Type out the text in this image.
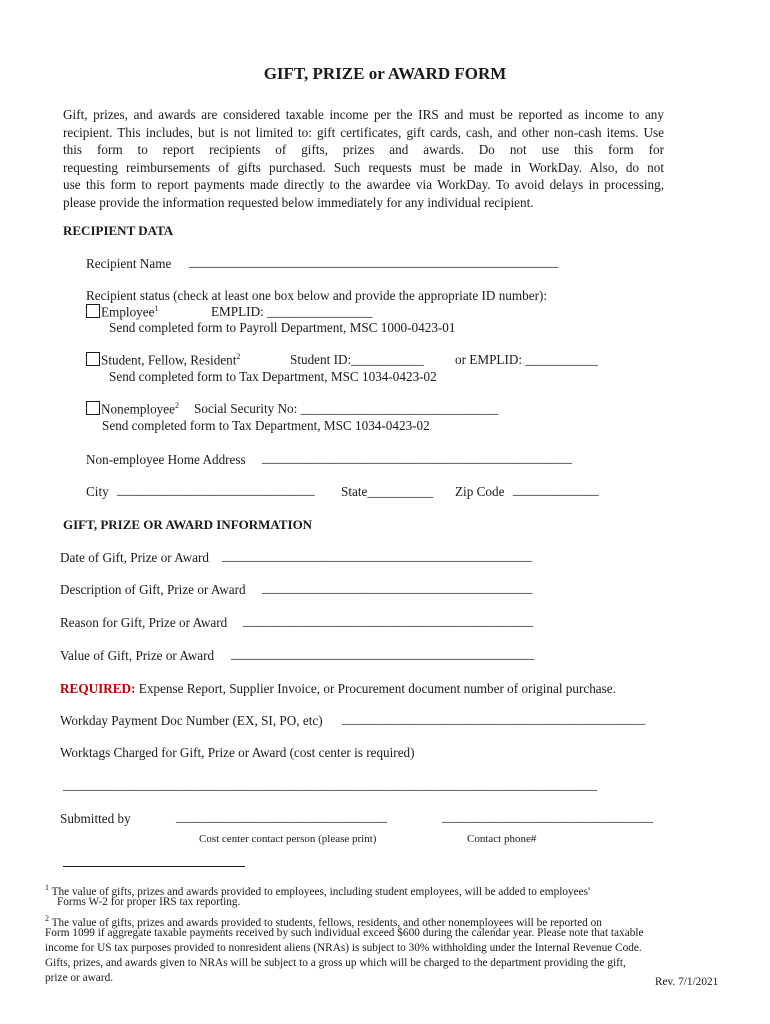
GIFT, PRIZE or AWARD FORM
Gift, prizes, and awards are considered taxable income per the IRS and must be reported as income to any
recipient. This includes, but is not limited to: gift certificates, gift cards, cash, and other non-cash items. Use
this form to report recipients of gifts, prizes and awards. Do not use this form for
requesting reimbursements of gifts purchased. Such requests must be made in WorkDay. Also, do not
use this form to report payments made directly to the awardee via WorkDay. To avoid delays in processing,
please provide the information requested below immediately for any individual recipient.
RECIPIENT DATA
Recipient Name ________________________________________________________
Recipient status (check at least one box below and provide the appropriate ID number):
Employee$^1$	EMPLID: ________________
Send completed form to Payroll Department, MSC 1000-0423-01
Student, Fellow, Resident$^2$	Student ID:___________ or EMPLID: ___________
Send completed form to Tax Department, MSC 1034-0423-02
Nonemployee$^2$ Social Security No: ______________________________
Send completed form to Tax Department, MSC 1034-0423-02
Non-employee Home Address _______________________________________________
City ______________________________ State__________ Zip Code _____________
GIFT, PRIZE OR AWARD INFORMATION
Date of Gift, Prize or Award _______________________________________________
Description of Gift, Prize or Award _________________________________________
Reason for Gift, Prize or Award ____________________________________________
Value of Gift, Prize or Award ______________________________________________
REQUIRED: Expense Report, Supplier Invoice, or Procurement document number of original purchase.
Workday Payment Doc Number (EX, SI, PO, etc) ______________________________________________
Worktags Charged for Gift, Prize or Award (cost center is required)
_________________________________________________________________________________
Submitted by	________________________________	________________________________
Cost center contact person (please print)	Contact phone#
$^1$ The value of gifts, prizes and awards provided to employees, including student employees, will be added to employees'
Forms W-2 for proper IRS tax reporting.
$^2$ The value of gifts, prizes and awards provided to students, fellows, residents, and other nonemployees will be reported on
Form 1099 if aggregate taxable payments received by such individual exceed $600 during the calendar year. Please note that taxable
income for US tax purposes provided to nonresident aliens (NRAs) is subject to 30% withholding under the Internal Revenue Code.
Gifts, prizes, and awards given to NRAs will be subject to a gross up which will be charged to the department providing the gift,
prize or award.	Rev. 7/1/2021
